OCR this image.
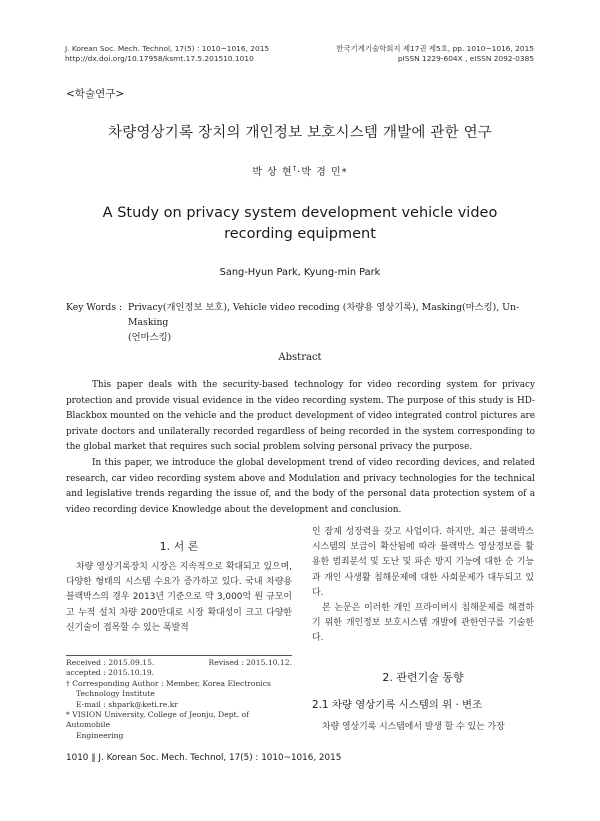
J. Korean Soc. Mech. Technol, 17(5) : 1010~1016, 2015
http://dx.doi.org/10.17958/ksmt.17.5.201510.1010
한국기계기술학회지 제17권 제5호, pp. 1010~1016, 2015
pISSN 1229-604X , eISSN 2092-0385
<학술연구>
차량영상기록 장치의 개인정보 보호시스템 개발에 관한 연구
박 상 현†·박 경 민*
A Study on privacy system development vehicle video
recording equipment
Sang-Hyun Park, Kyung-min Park
Key Words : Privacy(개인정보 보호), Vehicle video recoding (차량용 영상기록), Masking(마스킹), Un-Masking
(언마스킹)
Abstract

This paper deals with the security-based technology for video recording system for privacy protection and provide visual evidence in the video recording system. The purpose of this study is HD-Blackbox mounted on the vehicle and the product development of video integrated control pictures are private doctors and unilaterally recorded regardless of being recorded in the system corresponding to the global market that requires such social problem solving personal privacy the purpose.

In this paper, we introduce the global development trend of video recording devices, and related research, car video recording system above and Modulation and privacy technologies for the technical and legislative trends regarding the issue of, and the body of the personal data protection system of a video recording device Knowledge about the development and conclusion.

1. 서 론

차량 영상기록장치 시장은 지속적으로 확대되고 있으며, 다양한 형태의 시스템 수요가 증가하고 있다. 국내 차량용 블랙박스의 경우 2013년 기준으로 약 3,000억 원 규모이고 누적 설치 차량 200만대로 시장 확대성이 크고 다양한 신기술이 접목할 수 있는 폭발적

Received : 2015.09.15.	Revised : 2015.10.12.
accepted : 2015.10.19.
† Corresponding Author : Member, Korea Electronics
Technology Institute
E-mail : shpark@keti.re.kr
* VISION University, College of Jeonju, Dept. of Automobile
Engineering

인 잠재 성장력을 갖고 사업이다. 하지만, 최근 블랙박스 시스템의 보급이 확산됨에 따라 블랙박스 영상정보를 활용한 범죄분석 및 도난 및 파손 방지 기능에 대한 순 기능과 개인 사생활 침해문제에 대한 사회문제가 대두되고 있다.

본 논문은 이러한 개인 프라이버시 침해문제를 해결하기 위한 개인정보 보호시스템 개발에 관한연구를 기술한다.

2. 관련기술 동향
2.1 차량 영상기록 시스템의 위 · 변조

차량 영상기록 시스템에서 발생 할 수 있는 가장

1010 ∥ J. Korean Soc. Mech. Technol, 17(5) : 1010~1016, 2015
